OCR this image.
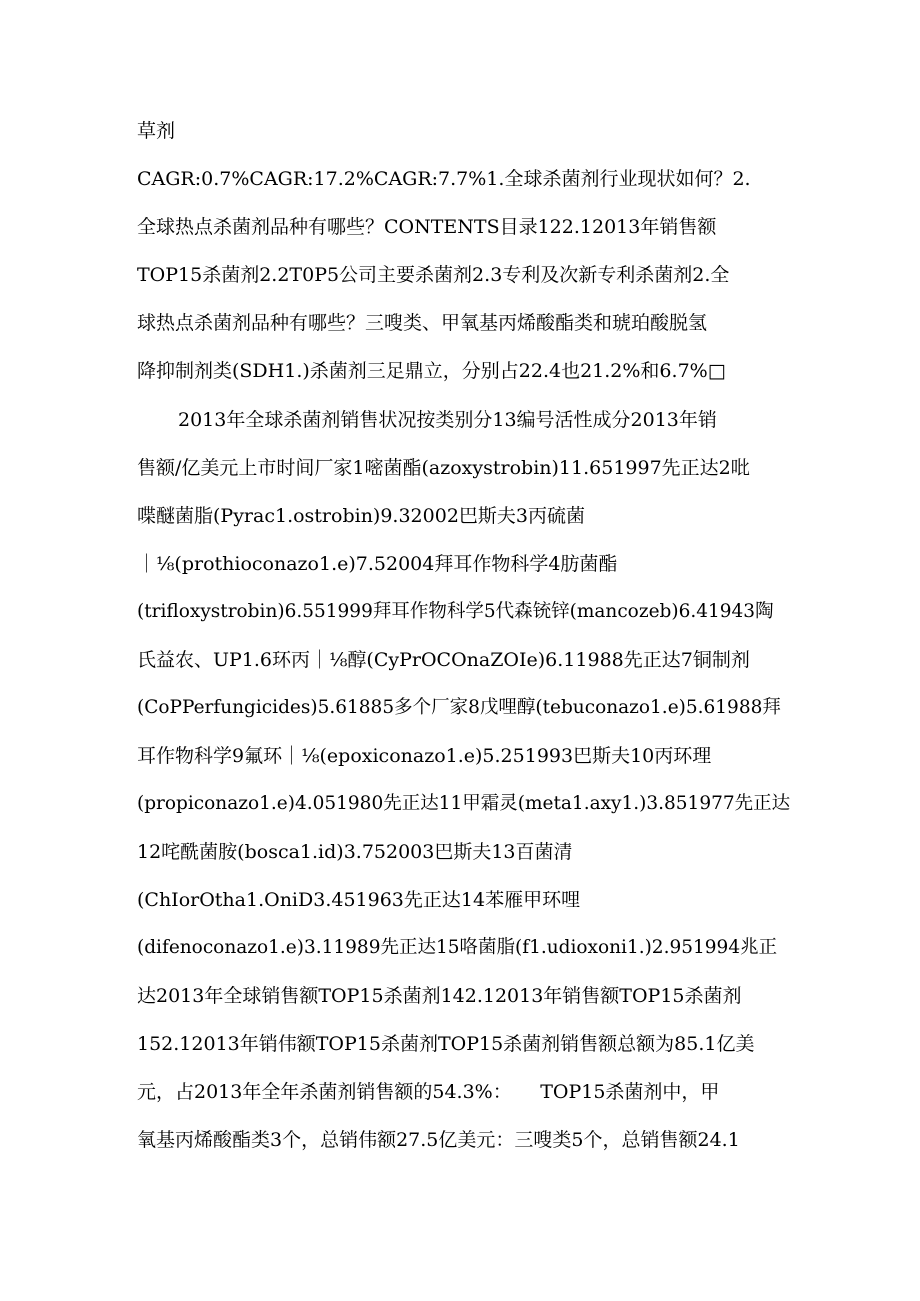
草剂
CAGR:0.7%CAGR:17.2%CAGR:7.7%1.全球杀菌剂行业现状如何？2.
全球热点杀菌剂品种有哪些？CONTENTS目录122.12013年销售额
TOP15杀菌剂2.2T0P5公司主要杀菌剂2.3专利及次新专利杀菌剂2.全
球热点杀菌剂品种有哪些？三嗖类、甲氧基丙烯酸酯类和琥珀酸脱氢
降抑制剂类(SDH1.)杀菌剂三足鼎立，分别占22.4也21.2%和6.7%□
2013年全球杀菌剂销售状况按类别分13编号活性成分2013年销
售额/亿美元上市时间厂家1嘧菌酯(azoxystrobin)11.651997先正达2吡
喋醚菌脂(Pyrac1.ostrobin)9.32002巴斯夫3丙硫菌
｜⅛(prothioconazo1.e)7.52004拜耳作物科学4肪菌酯
(triflоxystrobin)6.551999拜耳作物科学5代森铳锌(mancozeb)6.41943陶
氏益农、UP1.6环丙｜⅛醇(CyPrOCOnaZOIe)6.11988先正达7铜制剂
(CoPPerfungicides)5.61885多个厂家8戊哩醇(tebuconazo1.e)5.61988拜
耳作物科学9氟环｜⅛(epoxiconazo1.e)5.251993巴斯夫10丙环理
(propiconazo1.e)4.051980先正达11甲霜灵(meta1.axy1.)3.851977先正达
12咤酰菌胺(bosca1.id)3.752003巴斯夫13百菌清
(ChIorOtha1.OniD3.451963先正达14苯雁甲环哩
(difenoconazo1.e)3.11989先正达15咯菌脂(f1.udioxoni1.)2.951994兆正
达2013年全球销售额TOP15杀菌剂142.12013年销售额TOP15杀菌剂
152.12013年销伟额TOP15杀菌剂TOP15杀菌剂销售额总额为85.1亿美
元，占2013年全年杀菌剂销售额的54.3%：　　TOP15杀菌剂中，甲
氧基丙烯酸酯类3个，总销伟额27.5亿美元：三嗖类5个，总销售额24.1
